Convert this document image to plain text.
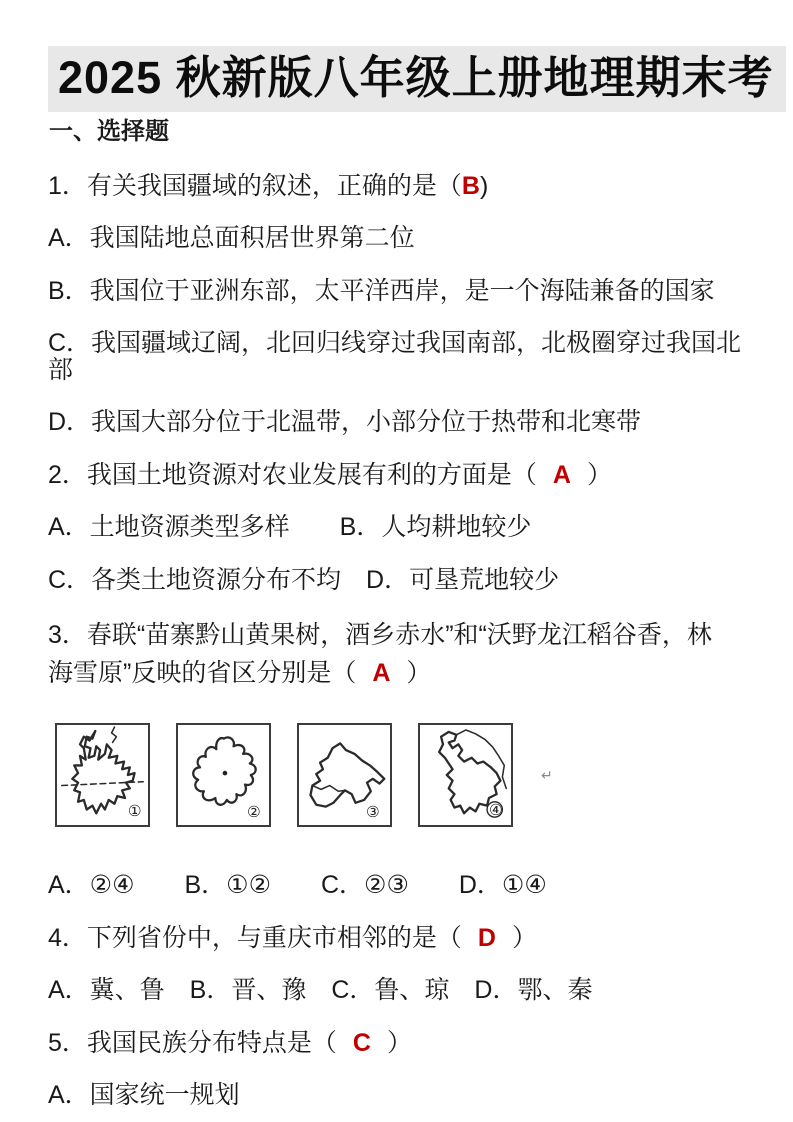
2025 秋新版八年级上册地理期末考
一、选择题

1．有关我国疆域的叙述，正确的是（B)

A．我国陆地总面积居世界第二位

B．我国位于亚洲东部，太平洋西岸，是一个海陆兼备的国家

C．我国疆域辽阔，北回归线穿过我国南部，北极圈穿过我国北部

D．我国大部分位于北温带，小部分位于热带和北寒带

2．我国土地资源对农业发展有利的方面是（ A ）

A．土地资源类型多样　　B．人均耕地较少

C．各类土地资源分布不均　D．可垦荒地较少

3．春联“苗寨黔山黄果树，酒乡赤水”和“沃野龙江稻谷香，林
海雪原”反映的省区分别是（ A ）

①	②	③	④
↵

A．②④　　B．①②　　C．②③　　D．①④

4．下列省份中，与重庆市相邻的是（ D ）

A．冀、鲁　B．晋、豫　C．鲁、琼　D．鄂、秦

5．我国民族分布特点是（ C ）

A．国家统一规划
